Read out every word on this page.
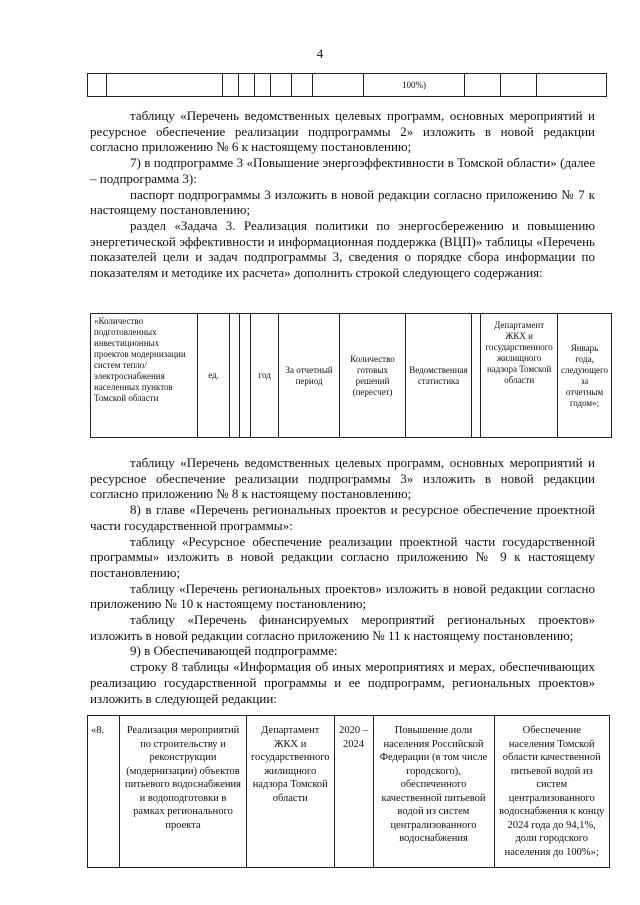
4
								100%)			

таблицу «Перечень ведомственных целевых программ, основных мероприятий и ресурсное обеспечение реализации подпрограммы 2» изложить в новой редакции согласно приложению № 6 к настоящему постановлению;

7) в подпрограмме 3 «Повышение энергоэффективности в Томской области» (далее – подпрограмма 3):

паспорт подпрограммы 3 изложить в новой редакции согласно приложению № 7 к настоящему постановлению;

раздел «Задача 3. Реализация политики по энергосбережению и повышению энергетической эффективности и информационная поддержка (ВЦП)» таблицы «Перечень показателей цели и задач подпрограммы 3, сведения о порядке сбора информации по показателям и методике их расчета» дополнить строкой следующего содержания:

«Количество подготовленных инвестиционных проектов модернизации систем тепло/электроснабжения населенных пунктов Томской области	ед.			год	За отчетный период	Количество готовых решений (пересчет)	Ведомственная статистика		Департамент ЖКХ и государственного жилищного надзора Томской области	Январь года, следующего за отчетным годом»;

таблицу «Перечень ведомственных целевых программ, основных мероприятий и ресурсное обеспечение реализации подпрограммы 3» изложить в новой редакции согласно приложению № 8 к настоящему постановлению;

8) в главе «Перечень региональных проектов и ресурсное обеспечение проектной части государственной программы»:

таблицу «Ресурсное обеспечение реализации проектной части государственной программы» изложить в новой редакции согласно приложению № 9 к настоящему постановлению;

таблицу «Перечень региональных проектов» изложить в новой редакции согласно приложению № 10 к настоящему постановлению;

таблицу «Перечень финансируемых мероприятий региональных проектов» изложить в новой редакции согласно приложению № 11 к настоящему постановлению;

9) в Обеспечивающей подпрограмме:

строку 8 таблицы «Информация об иных мероприятиях и мерах, обеспечивающих реализацию государственной программы и ее подпрограмм, региональных проектов» изложить в следующей редакции:

«8.	Реализация мероприятий по строительству и реконструкции (модернизации) объектов питьевого водоснабжения и водоподготовки в рамках регионального проекта	Департамент ЖКХ и государственного жилищного надзора Томской области	2020 – 2024	Повышение доли населения Российской Федерации (в том числе городского), обеспеченного качественной питьевой водой из систем централизованного водоснабжения	Обеспечение населения Томской области качественной питьевой водой из систем централизованного водоснабжения к концу 2024 года до 94,1%, доли городского населения до 100%»;
